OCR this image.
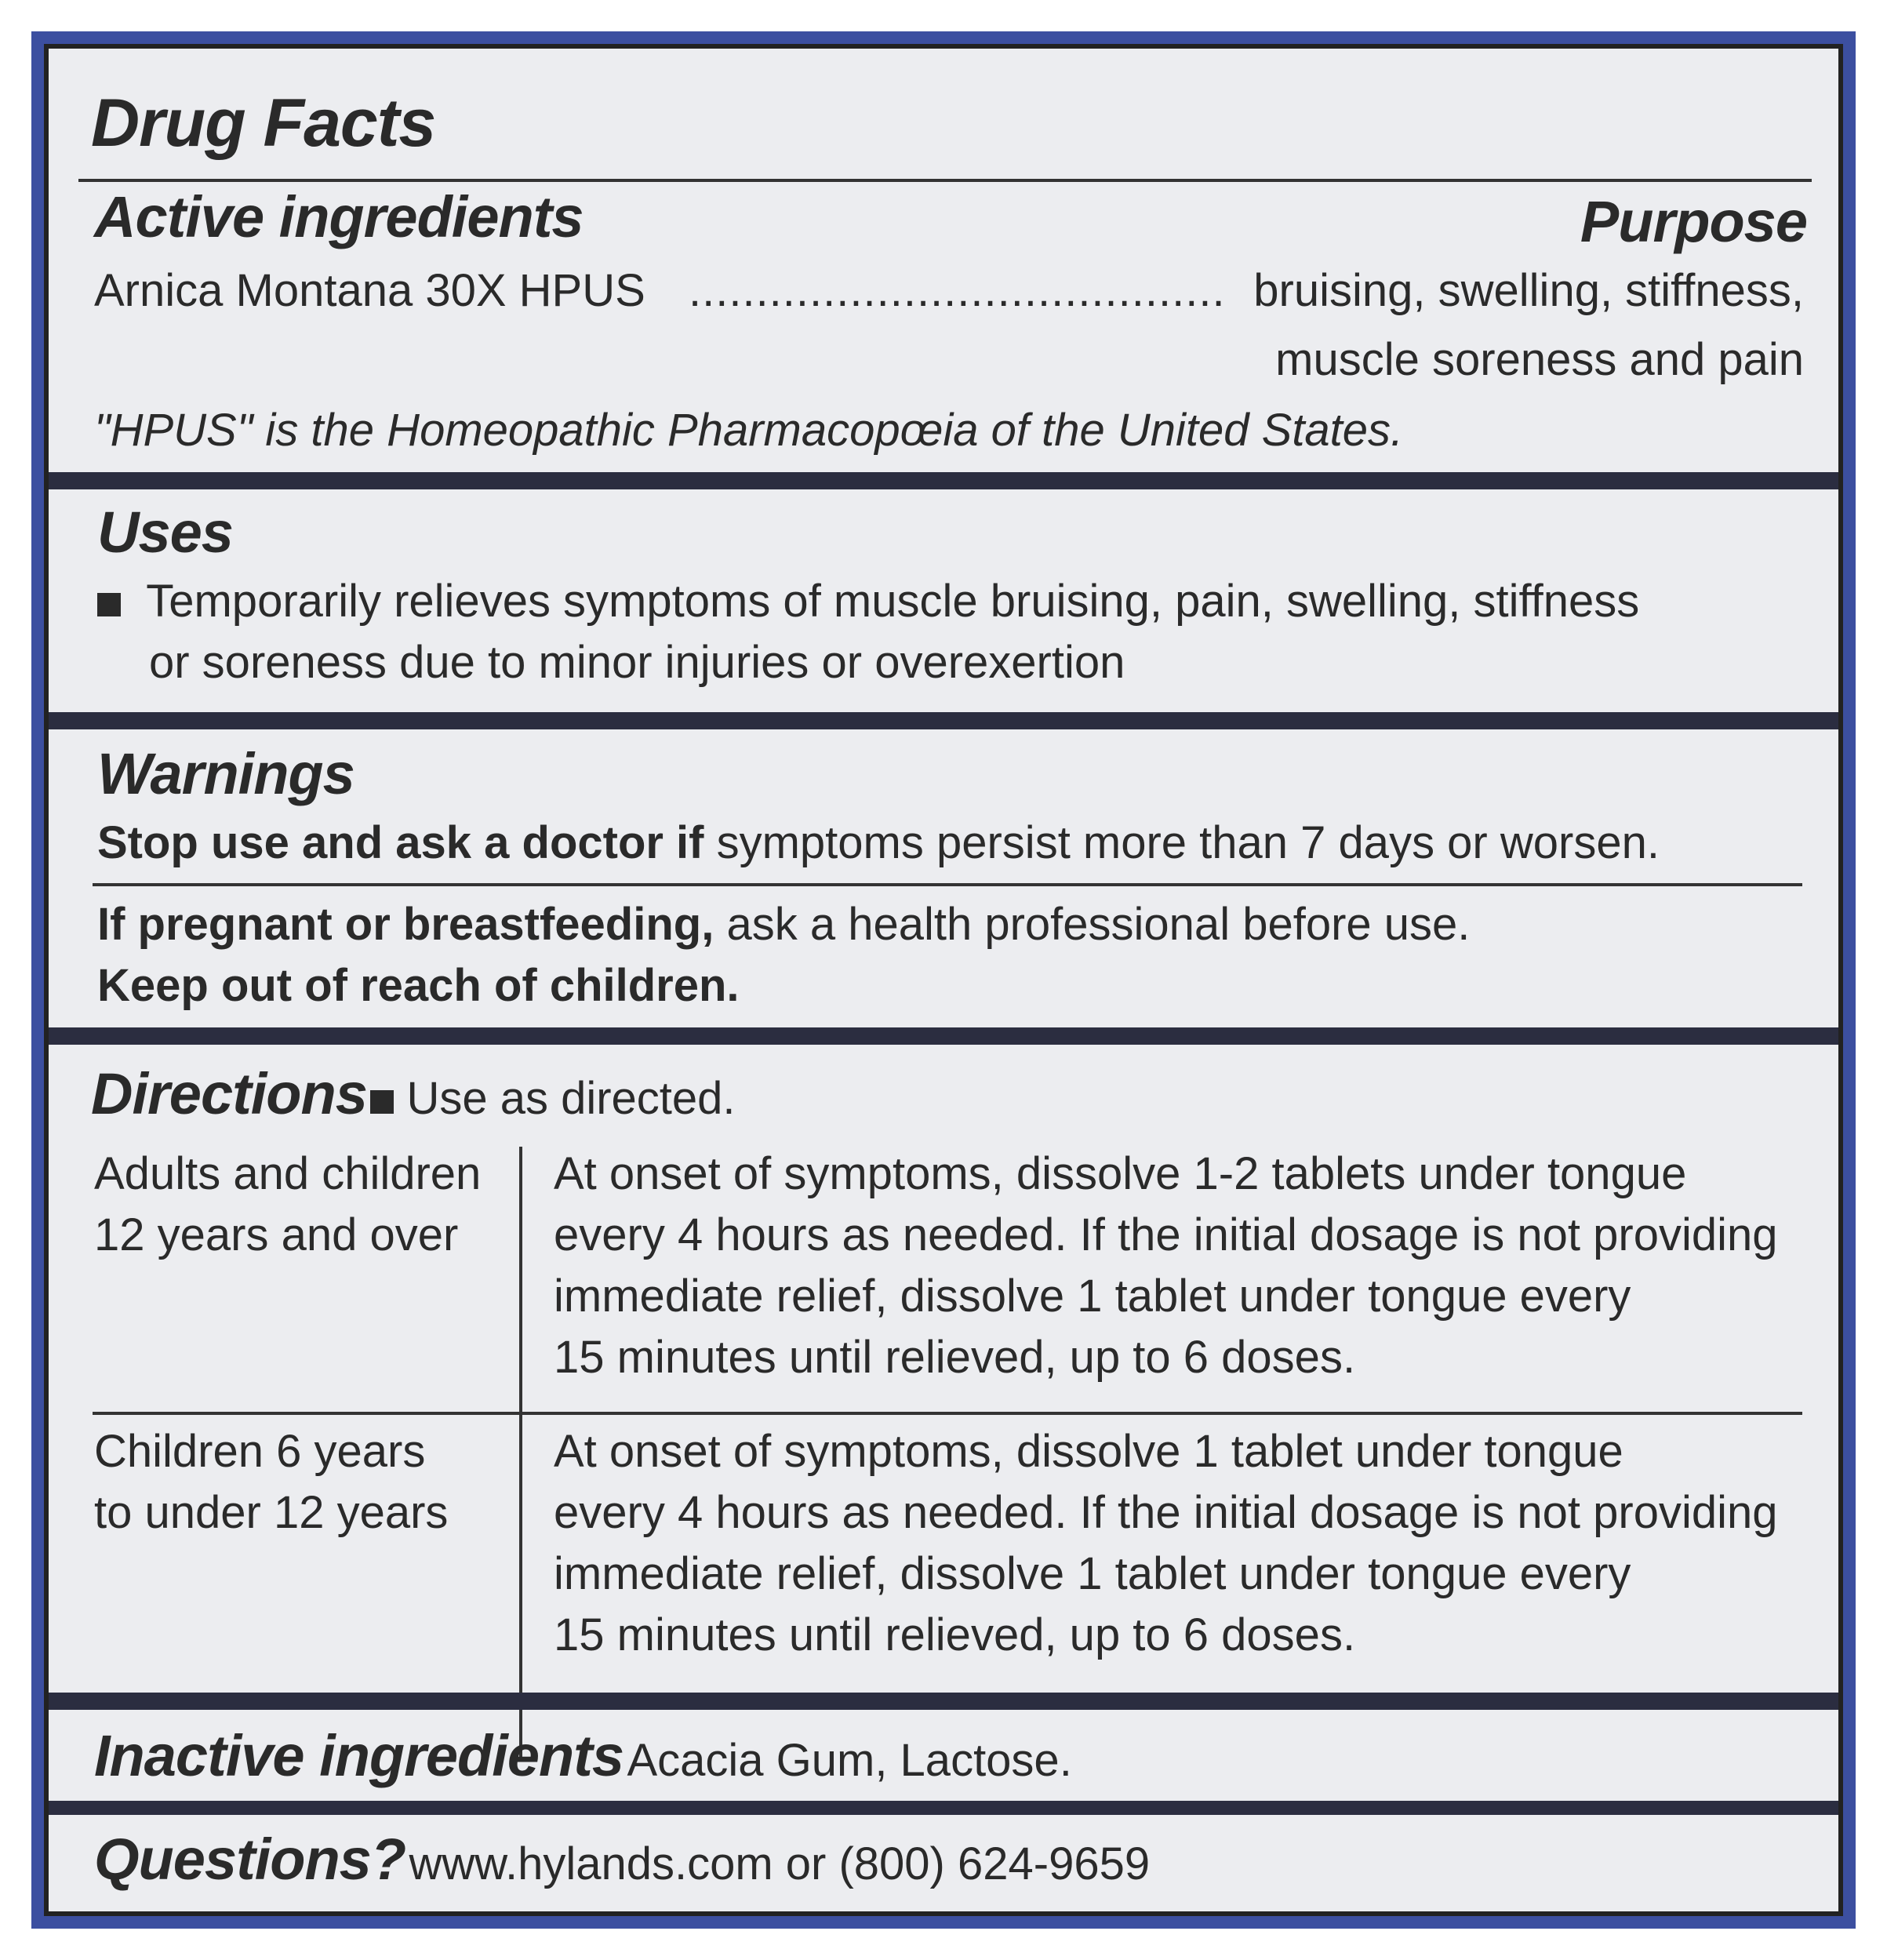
Drug Facts
Active ingredients	Purpose
Arnica Montana 30X HPUS ........................................ bruising, swelling, stiffness,
muscle soreness and pain
"HPUS" is the Homeopathic Pharmacopœia of the United States.
Uses
Temporarily relieves symptoms of muscle bruising, pain, swelling, stiffness
or soreness due to minor injuries or overexertion
Warnings
Stop use and ask a doctor if symptoms persist more than 7 days or worsen.
If pregnant or breastfeeding, ask a health professional before use.
Keep out of reach of children.
Directions Use as directed.
Adults and children
12 years and over
At onset of symptoms, dissolve 1-2 tablets under tongue
every 4 hours as needed. If the initial dosage is not providing
immediate relief, dissolve 1 tablet under tongue every
15 minutes until relieved, up to 6 doses.
Children 6 years
to under 12 years
At onset of symptoms, dissolve 1 tablet under tongue
every 4 hours as needed. If the initial dosage is not providing
immediate relief, dissolve 1 tablet under tongue every
15 minutes until relieved, up to 6 doses.
Inactive ingredients Acacia Gum, Lactose.
Questions? www.hylands.com or (800) 624-9659
